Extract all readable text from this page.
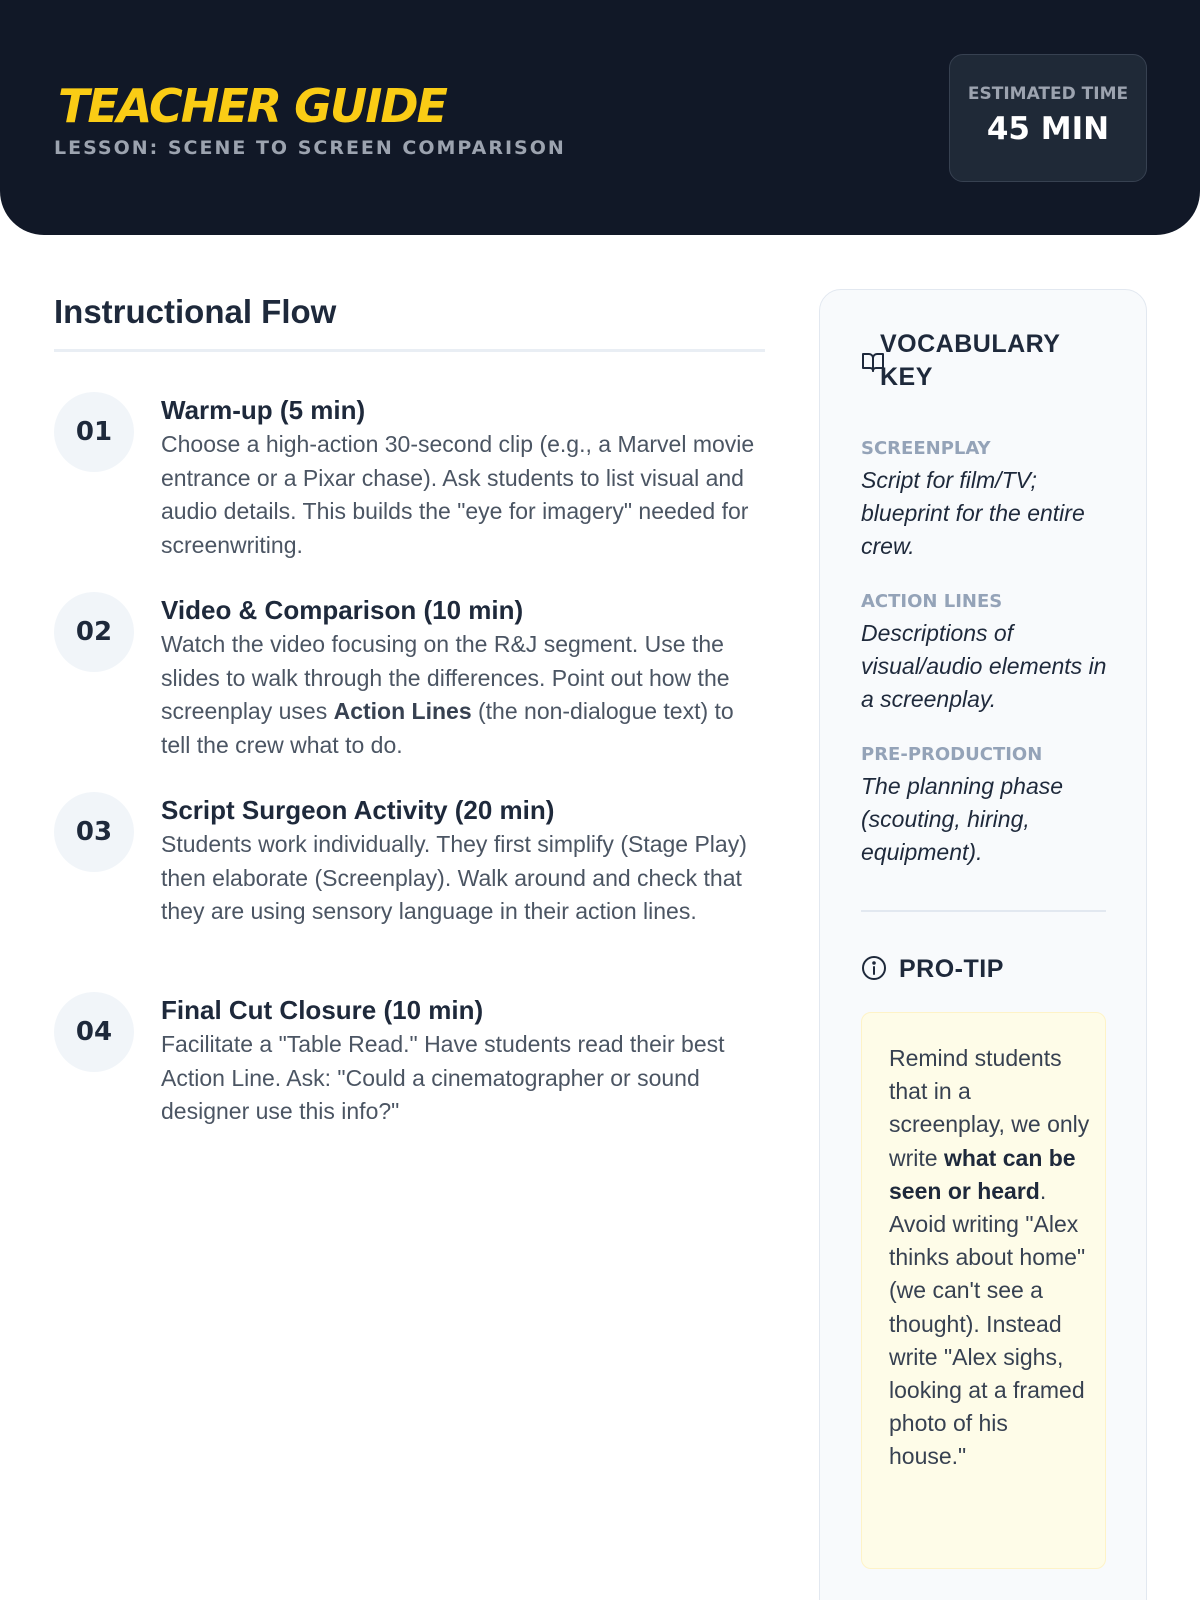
TEACHER GUIDE
LESSON: SCENE TO SCREEN COMPARISON
ESTIMATED TIME
45 MIN
Instructional Flow
01
Warm-up (5 min)
Choose a high-action 30-second clip (e.g., a Marvel movie entrance or a Pixar chase). Ask students to list visual and audio details. This builds the "eye for imagery" needed for screenwriting.
02
Video & Comparison (10 min)
Watch the video focusing on the R&J segment. Use the slides to walk through the differences. Point out how the screenplay uses Action Lines (the non-dialogue text) to tell the crew what to do.
03
Script Surgeon Activity (20 min)
Students work individually. They first simplify (Stage Play) then elaborate (Screenplay). Walk around and check that they are using sensory language in their action lines.
04
Final Cut Closure (10 min)
Facilitate a "Table Read." Have students read their best Action Line. Ask: "Could a cinematographer or sound designer use this info?"
VOCABULARY KEY
SCREENPLAY
Script for film/TV; blueprint for the entire crew.
ACTION LINES
Descriptions of visual/audio elements in a screenplay.
PRE-PRODUCTION
The planning phase (scouting, hiring, equipment).
PRO-TIP
Remind students that in a screenplay, we only write what can be seen or heard. Avoid writing "Alex thinks about home" (we can't see a thought). Instead write "Alex sighs, looking at a framed photo of his house."
